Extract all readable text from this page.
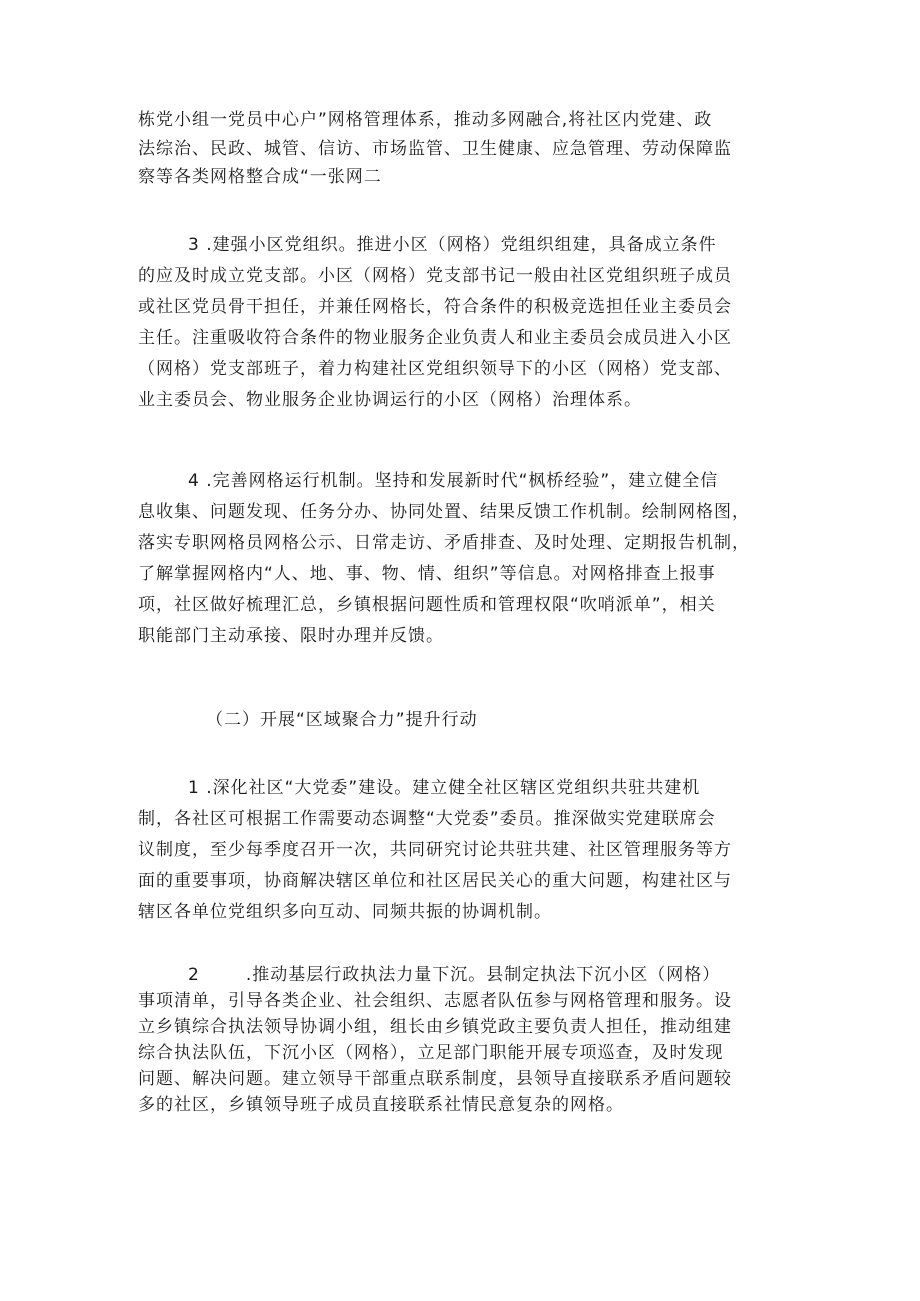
栋党小组一党员中心户”网格管理体系，推动多网融合,将社区内党建、政
法综治、民政、城管、信访、市场监管、卫生健康、应急管理、劳动保障监
察等各类网格整合成“一张网二

3 .建强小区党组织。推进小区（网格）党组织组建，具备成立条件
的应及时成立党支部。小区（网格）党支部书记一般由社区党组织班子成员
或社区党员骨干担任，并兼任网格长，符合条件的积极竞选担任业主委员会
主任。注重吸收符合条件的物业服务企业负责人和业主委员会成员进入小区
（网格）党支部班子，着力构建社区党组织领导下的小区（网格）党支部、
业主委员会、物业服务企业协调运行的小区（网格）治理体系。

4 .完善网格运行机制。坚持和发展新时代“枫桥经验”，建立健全信
息收集、问题发现、任务分办、协同处置、结果反馈工作机制。绘制网格图，
落实专职网格员网格公示、日常走访、矛盾排查、及时处理、定期报告机制，
了解掌握网格内“人、地、事、物、情、组织”等信息。对网格排查上报事
项，社区做好梳理汇总，乡镇根据问题性质和管理权限“吹哨派单”，相关
职能部门主动承接、限时办理并反馈。

（二）开展“区域聚合力”提升行动

1 .深化社区“大党委”建设。建立健全社区辖区党组织共驻共建机
制，各社区可根据工作需要动态调整“大党委”委员。推深做实党建联席会
议制度，至少每季度召开一次，共同研究讨论共驻共建、社区管理服务等方
面的重要事项，协商解决辖区单位和社区居民关心的重大问题，构建社区与
辖区各单位党组织多向互动、同频共振的协调机制。

2	.推动基层行政执法力量下沉。县制定执法下沉小区（网格）
事项清单，引导各类企业、社会组织、志愿者队伍参与网格管理和服务。设
立乡镇综合执法领导协调小组，组长由乡镇党政主要负责人担任，推动组建
综合执法队伍，下沉小区（网格），立足部门职能开展专项巡查，及时发现
问题、解决问题。建立领导干部重点联系制度，县领导直接联系矛盾问题较
多的社区，乡镇领导班子成员直接联系社情民意复杂的网格。
